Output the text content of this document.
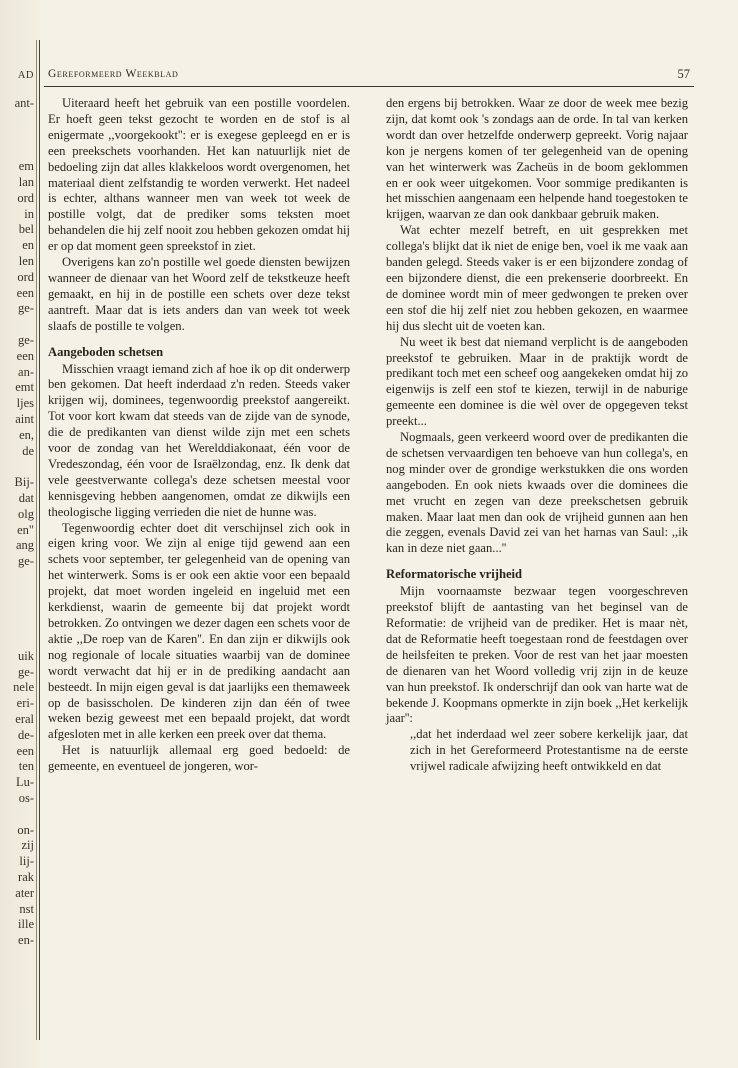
AD
ant-
em
lan
ord
in
bel
en
len
ord
een
ge-
ge-
een
an-
emt
ljes
aint
en,
de
Bij-
dat
olg
en"
ang
ge-
uik
ge-
nele
eri-
eral
de-
een
ten
Lu-
os-
on-
zij
lij-
rak
ater
nst
ille
en-
Gereformeerd Weekblad	57

Uiteraard heeft het gebruik van een postille voordelen. Er hoeft geen tekst gezocht te worden en de stof is al enigermate ,,voorgekookt'': er is exegese gepleegd en er is een preekschets voorhanden. Het kan natuurlijk niet de bedoeling zijn dat alles klakkeloos wordt overgenomen, het materiaal dient zelfstandig te worden verwerkt. Het nadeel is echter, althans wanneer men van week tot week de postille volgt, dat de prediker soms teksten moet behandelen die hij zelf nooit zou hebben gekozen omdat hij er op dat moment geen spreekstof in ziet.

Overigens kan zo'n postille wel goede diensten bewijzen wanneer de dienaar van het Woord zelf de tekstkeuze heeft gemaakt, en hij in de postille een schets over deze tekst aantreft. Maar dat is iets anders dan van week tot week slaafs de postille te volgen.

Aangeboden schetsen

Misschien vraagt iemand zich af hoe ik op dit onderwerp ben gekomen. Dat heeft inderdaad z'n reden. Steeds vaker krijgen wij, dominees, tegenwoordig preekstof aangereikt. Tot voor kort kwam dat steeds van de zijde van de synode, die de predikanten van dienst wilde zijn met een schets voor de zondag van het Werelddiakonaat, één voor de Vredeszondag, één voor de Israëlzondag, enz. Ik denk dat vele geestverwante collega's deze schetsen meestal voor kennisgeving hebben aangenomen, omdat ze dikwijls een theologische ligging verrieden die niet de hunne was.

Tegenwoordig echter doet dit verschijnsel zich ook in eigen kring voor. We zijn al enige tijd gewend aan een schets voor september, ter gelegenheid van de opening van het winterwerk. Soms is er ook een aktie voor een bepaald projekt, dat moet worden ingeleid en ingeluid met een kerkdienst, waarin de gemeente bij dat projekt wordt betrokken. Zo ontvingen we dezer dagen een schets voor de aktie ,,De roep van de Karen''. En dan zijn er dikwijls ook nog regionale of locale situaties waarbij van de dominee wordt verwacht dat hij er in de prediking aandacht aan besteedt. In mijn eigen geval is dat jaarlijks een themaweek op de basisscholen. De kinderen zijn dan één of twee weken bezig geweest met een bepaald projekt, dat wordt afgesloten met in alle kerken een preek over dat thema.

Het is natuurlijk allemaal erg goed bedoeld: de gemeente, en eventueel de jongeren, wor-

den ergens bij betrokken. Waar ze door de week mee bezig zijn, dat komt ook 's zondags aan de orde. In tal van kerken wordt dan over hetzelfde onderwerp gepreekt. Vorig najaar kon je nergens komen of ter gelegenheid van de opening van het winterwerk was Zacheüs in de boom geklommen en er ook weer uitgekomen. Voor sommige predikanten is het misschien aangenaam een helpende hand toegestoken te krijgen, waarvan ze dan ook dankbaar gebruik maken.

Wat echter mezelf betreft, en uit gesprekken met collega's blijkt dat ik niet de enige ben, voel ik me vaak aan banden gelegd. Steeds vaker is er een bijzondere zondag of een bijzondere dienst, die een prekenserie doorbreekt. En de dominee wordt min of meer gedwongen te preken over een stof die hij zelf niet zou hebben gekozen, en waarmee hij dus slecht uit de voeten kan.

Nu weet ik best dat niemand verplicht is de aangeboden preekstof te gebruiken. Maar in de praktijk wordt de predikant toch met een scheef oog aangekeken omdat hij zo eigenwijs is zelf een stof te kiezen, terwijl in de naburige gemeente een dominee is die wèl over de opgegeven tekst preekt...

Nogmaals, geen verkeerd woord over de predikanten die de schetsen vervaardigen ten behoeve van hun collega's, en nog minder over de grondige werkstukken die ons worden aangeboden. En ook niets kwaads over die dominees die met vrucht en zegen van deze preekschetsen gebruik maken. Maar laat men dan ook de vrijheid gunnen aan hen die zeggen, evenals David zei van het harnas van Saul: ,,ik kan in deze niet gaan...''

Reformatorische vrijheid

Mijn voornaamste bezwaar tegen voorgeschreven preekstof blijft de aantasting van het beginsel van de Reformatie: de vrijheid van de prediker. Het is maar nèt, dat de Reformatie heeft toegestaan rond de feestdagen over de heilsfeiten te preken. Voor de rest van het jaar moesten de dienaren van het Woord volledig vrij zijn in de keuze van hun preekstof. Ik onderschrijf dan ook van harte wat de bekende J. Koopmans opmerkte in zijn boek ,,Het kerkelijk jaar'':

,,dat het inderdaad wel zeer sobere kerkelijk jaar, dat zich in het Gereformeerd Protestantisme na de eerste vrijwel radicale afwijzing heeft ontwikkeld en dat
